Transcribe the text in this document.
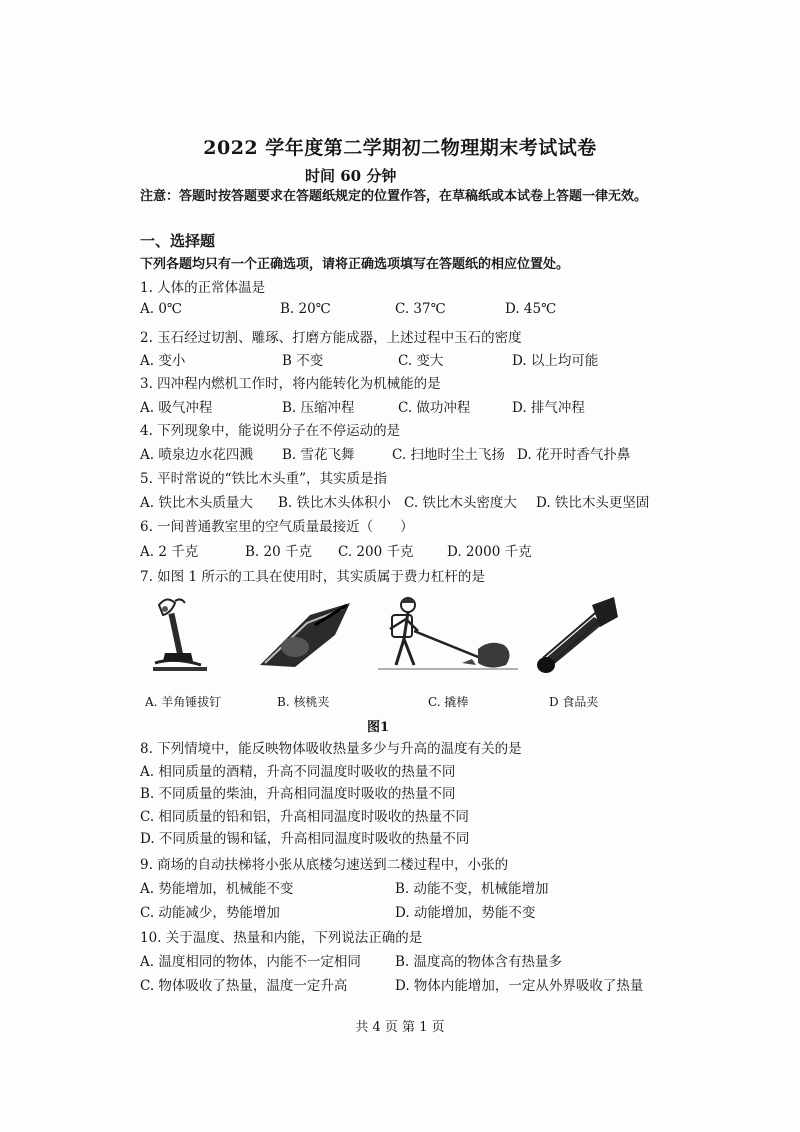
2022 学年度第二学期初二物理期末考试试卷
时间 60 分钟
注意：答题时按答题要求在答题纸规定的位置作答，在草稿纸或本试卷上答题一律无效。
一、选择题
下列各题均只有一个正确选项，请将正确选项填写在答题纸的相应位置处。
1. 人体的正常体温是
A. 0℃	B. 20℃	C. 37℃	D. 45℃
2. 玉石经过切割、雕琢、打磨方能成器，上述过程中玉石的密度
A. 变小	B 不变	C. 变大	D. 以上均可能
3. 四冲程内燃机工作时，将内能转化为机械能的是
A. 吸气冲程	B. 压缩冲程	C. 做功冲程	D. 排气冲程
4. 下列现象中，能说明分子在不停运动的是
A. 喷泉边水花四溅 B. 雪花飞舞	C. 扫地时尘土飞扬 D. 花开时香气扑鼻
5. 平时常说的“铁比木头重”，其实质是指
A. 铁比木头质量大 B. 铁比木头体积小 C. 铁比木头密度大 D. 铁比木头更坚固
6. 一间普通教室里的空气质量最接近（　　）
A. 2 千克	B. 20 千克 C. 200 千克 D. 2000 千克
7. 如图 1 所示的工具在使用时，其实质属于费力杠杆的是
A. 羊角锤拔钉	B. 核桃夹	C. 撬棒	D 食品夹
图1
8. 下列情境中，能反映物体吸收热量多少与升高的温度有关的是
A. 相同质量的酒精，升高不同温度时吸收的热量不同
B. 不同质量的柴油，升高相同温度时吸收的热量不同
C. 相同质量的铅和铝，升高相同温度时吸收的热量不同
D. 不同质量的锡和锰，升高相同温度时吸收的热量不同
9. 商场的自动扶梯将小张从底楼匀速送到二楼过程中，小张的
A. 势能增加，机械能不变	B. 动能不变，机械能增加
C. 动能减少，势能增加	D. 动能增加，势能不变
10. 关于温度、热量和内能，下列说法正确的是
A. 温度相同的物体，内能不一定相同	B. 温度高的物体含有热量多
C. 物体吸收了热量，温度一定升高	D. 物体内能增加，一定从外界吸收了热量
共 4 页 第 1 页
